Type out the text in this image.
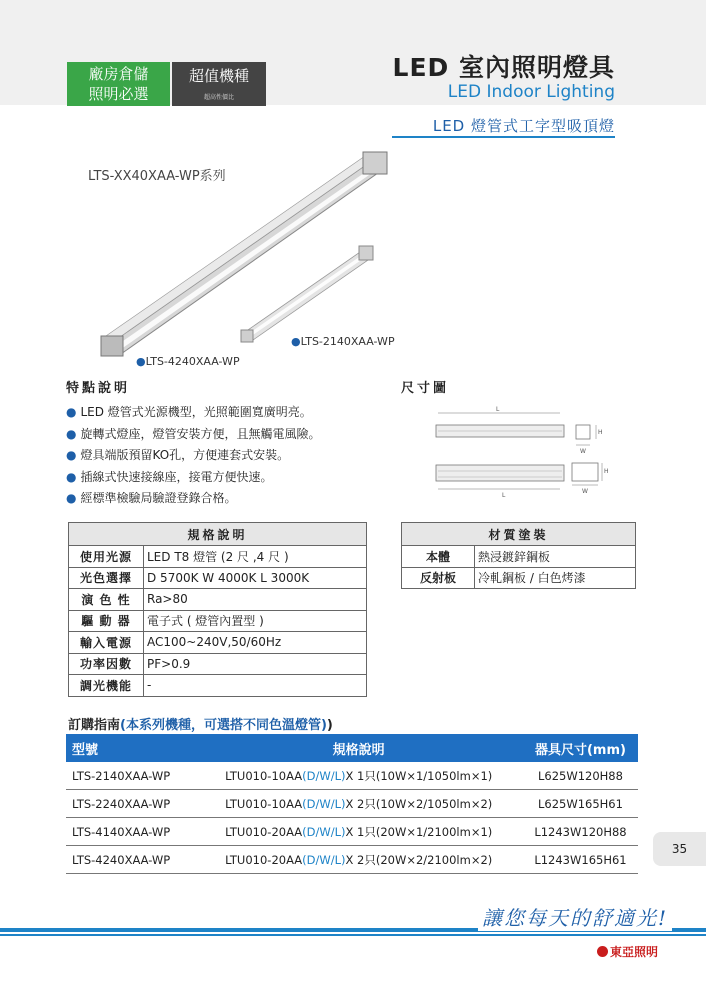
廠房倉儲
照明必選
超值機種
超高性價比
LED 室內照明燈具
LED Indoor Lighting
LED 燈管式工字型吸頂燈
LTS-XX40XAA-WP系列
●LTS-2140XAA-WP
●LTS-4240XAA-WP
特點說明	尺寸圖
● LED 燈管式光源機型，光照範圍寬廣明亮。
● 旋轉式燈座，燈管安裝方便，且無觸電風險。
● 燈具端版預留KO孔，方便連套式安裝。
● 插線式快速接線座，接電方便快速。
● 經標準檢驗局驗證登錄合格。
L
H
W
L
H
W
規格說明	
使用光源	LED T8 燈管 (2 尺 ,4 尺 )
光色選擇	D 5700K W 4000K L 3000K
演 色 性	Ra>80
驅 動 器	電子式 ( 燈管內置型 )
輸入電源	AC100~240V,50/60Hz
功率因數	PF>0.9
調光機能	-
材質塗裝	
本體	熱浸鍍鋅鋼板
反射板	冷軋鋼板 / 白色烤漆
訂購指南(本系列機種，可選搭不同色溫燈管))
型號	規格說明	器具尺寸(mm)
LTS-2140XAA-WP	LTU010-10AA(D/W/L)X 1只(10W×1/1050lm×1)	L625W120H88
LTS-2240XAA-WP	LTU010-10AA(D/W/L)X 2只(10W×2/1050lm×2)	L625W165H61
LTS-4140XAA-WP	LTU010-20AA(D/W/L)X 1只(20W×1/2100lm×1)	L1243W120H88
LTS-4240XAA-WP	LTU010-20AA(D/W/L)X 2只(20W×2/2100lm×2)	L1243W165H61
35
讓您每天的舒適光!
東亞照明
